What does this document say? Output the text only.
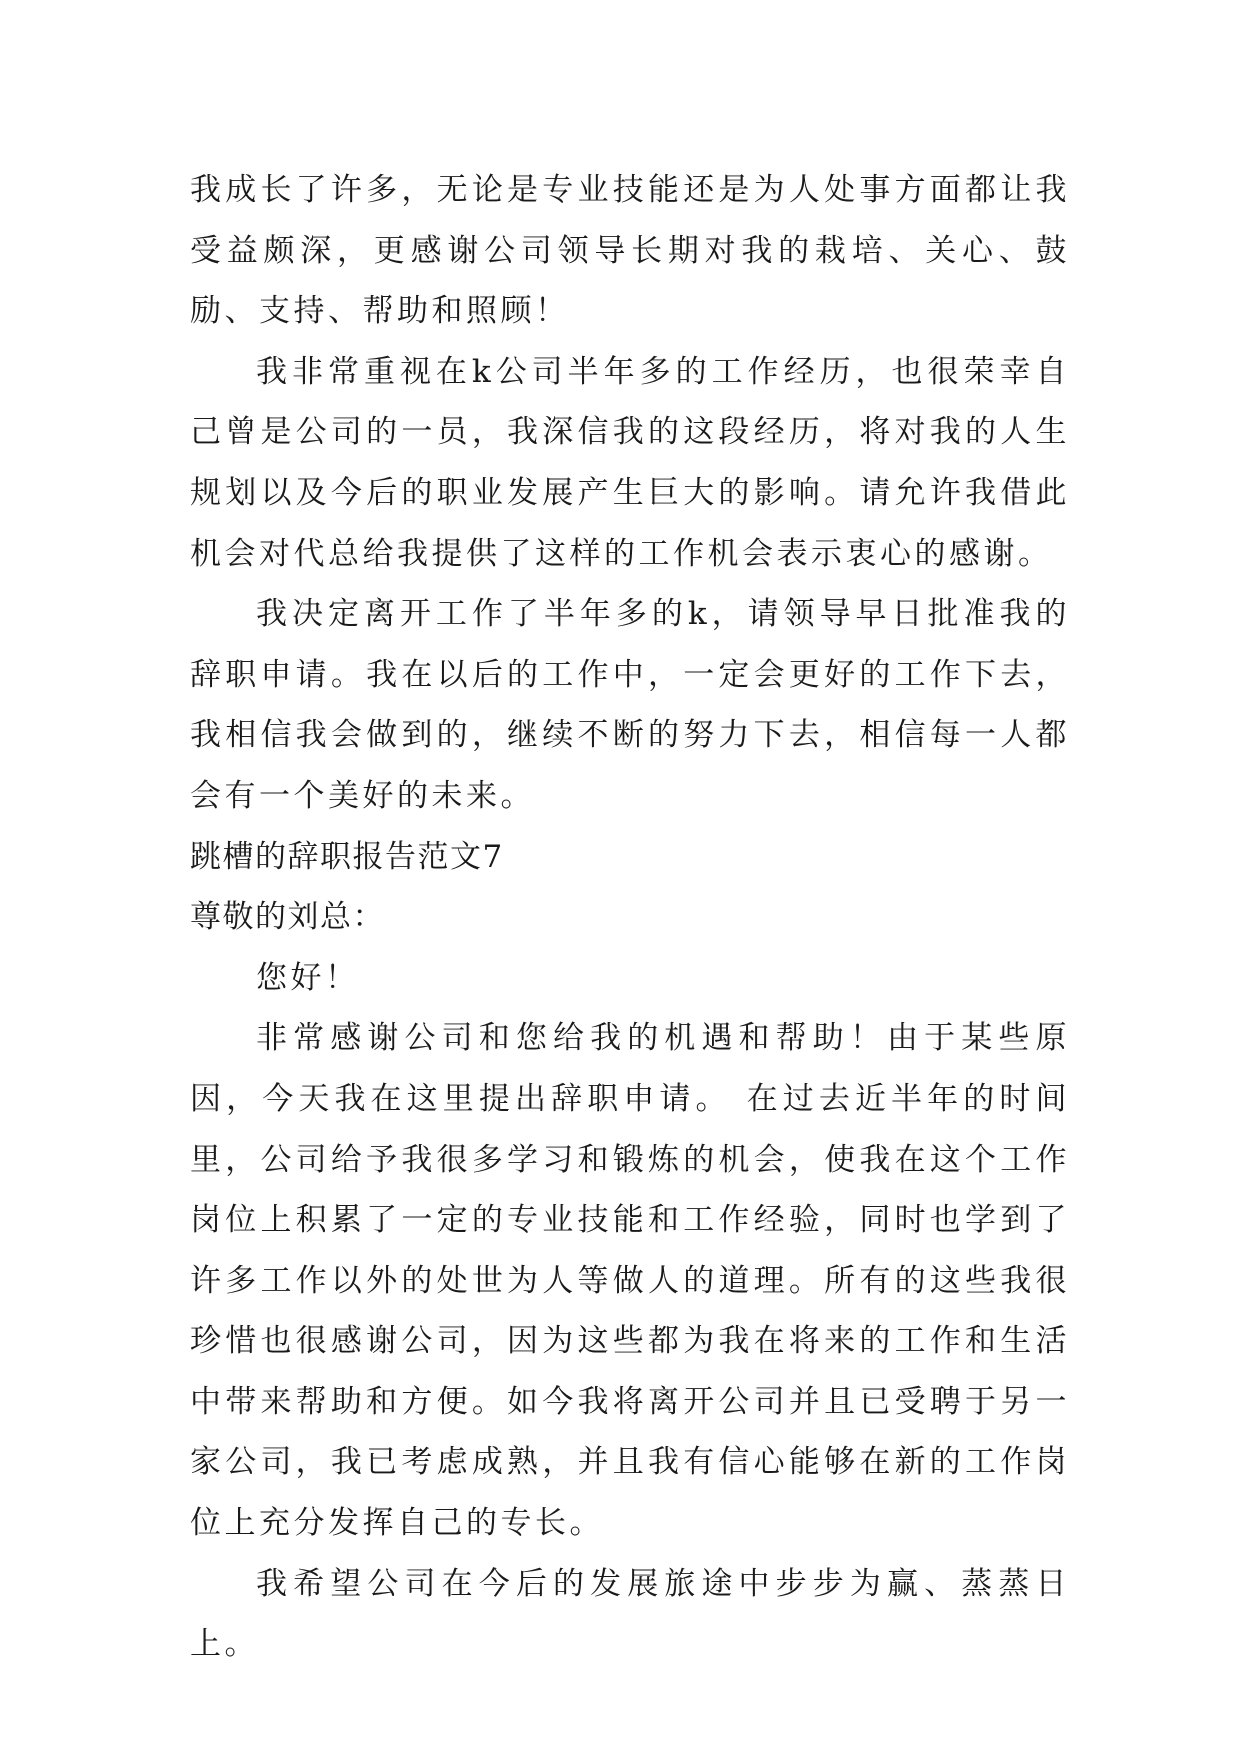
我成长了许多，无论是专业技能还是为人处事方面都让我受益颇深，更感谢公司领导长期对我的栽培、关心、鼓励、支持、帮助和照顾！

我非常重视在k公司半年多的工作经历，也很荣幸自己曾是公司的一员，我深信我的这段经历，将对我的人生规划以及今后的职业发展产生巨大的影响。请允许我借此机会对代总给我提供了这样的工作机会表示衷心的感谢。

我决定离开工作了半年多的k，请领导早日批准我的辞职申请。我在以后的工作中，一定会更好的工作下去，我相信我会做到的，继续不断的努力下去，相信每一人都会有一个美好的未来。

跳槽的辞职报告范文7

尊敬的刘总：

您好！

非常感谢公司和您给我的机遇和帮助！由于某些原因，今天我在这里提出辞职申请。 在过去近半年的时间里，公司给予我很多学习和锻炼的机会，使我在这个工作岗位上积累了一定的专业技能和工作经验，同时也学到了许多工作以外的处世为人等做人的道理。所有的这些我很珍惜也很感谢公司，因为这些都为我在将来的工作和生活中带来帮助和方便。如今我将离开公司并且已受聘于另一家公司，我已考虑成熟，并且我有信心能够在新的工作岗位上充分发挥自己的专长。

我希望公司在今后的发展旅途中步步为赢、蒸蒸日上。
